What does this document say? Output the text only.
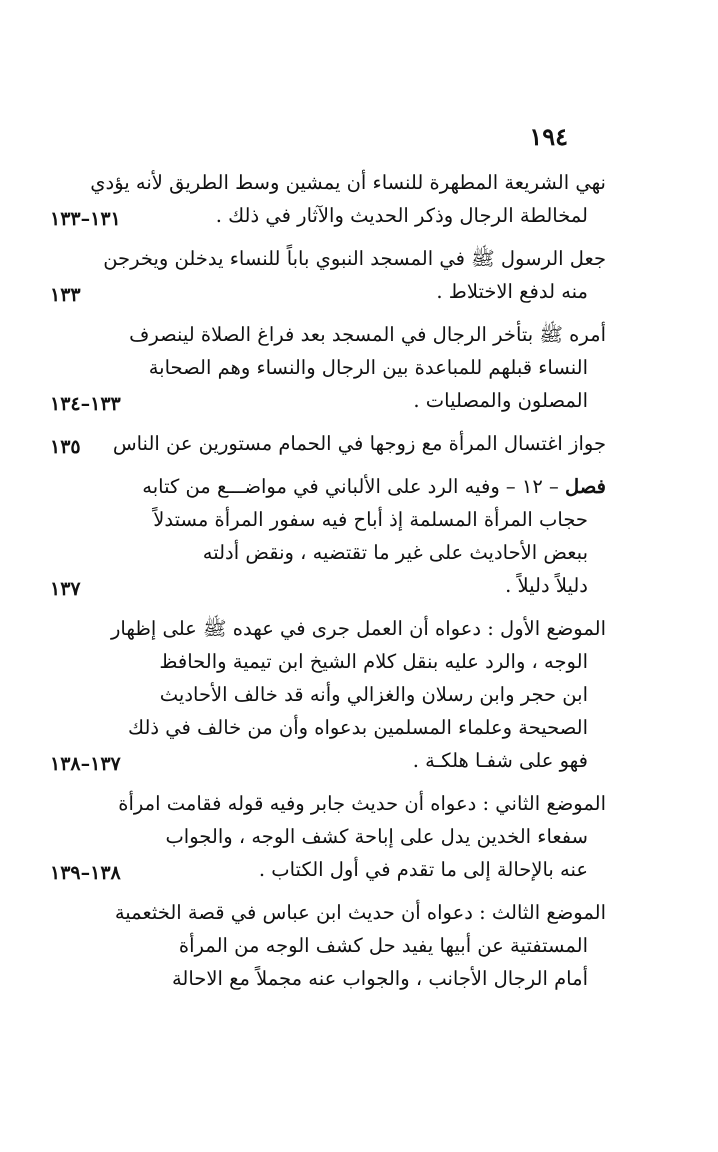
١٩٤
نهي الشريعة المطهرة للنساء أن يمشين وسط الطريق لأنه يؤدي
لمخالطة الرجال وذكر الحديث والآثار في ذلك .
١٣١–١٣٣
جعل الرسول ﷺ في المسجد النبوي باباً للنساء يدخلن ويخرجن
منه لدفع الاختلاط .
١٣٣
أمره ﷺ بتأخر الرجال في المسجد بعد فراغ الصلاة لينصرف
النساء قبلهم للمباعدة بين الرجال والنساء وهم الصحابة
المصلون والمصليات .
١٣٣–١٣٤
جواز اغتسال المرأة مع زوجها في الحمام مستورين عن الناس
١٣٥
فصل – ١٢ – وفيه الرد على الألباني في مواضـــع من كتابه
حجاب المرأة المسلمة إذ أباح فيه سفور المرأة مستدلاً
ببعض الأحاديث على غير ما تقتضيه ، ونقض أدلته
دليلاً دليلاً .
١٣٧
الموضع الأول : دعواه أن العمل جرى في عهده ﷺ على إظهار
الوجه ، والرد عليه بنقل كلام الشيخ ابن تيمية والحافظ
ابن حجر وابن رسلان والغزالي وأنه قد خالف الأحاديث
الصحيحة وعلماء المسلمين بدعواه وأن من خالف في ذلك
فهو على شفـا هلكـة .
١٣٧–١٣٨
الموضع الثاني : دعواه أن حديث جابر وفيه قوله فقامت امرأة
سفعاء الخدين يدل على إباحة كشف الوجه ، والجواب
عنه بالإحالة إلى ما تقدم في أول الكتاب .
١٣٨–١٣٩
الموضع الثالث : دعواه أن حديث ابن عباس في قصة الخثعمية
المستفتية عن أبيها يفيد حل كشف الوجه من المرأة
أمام الرجال الأجانب ، والجواب عنه مجملاً مع الاحالة
